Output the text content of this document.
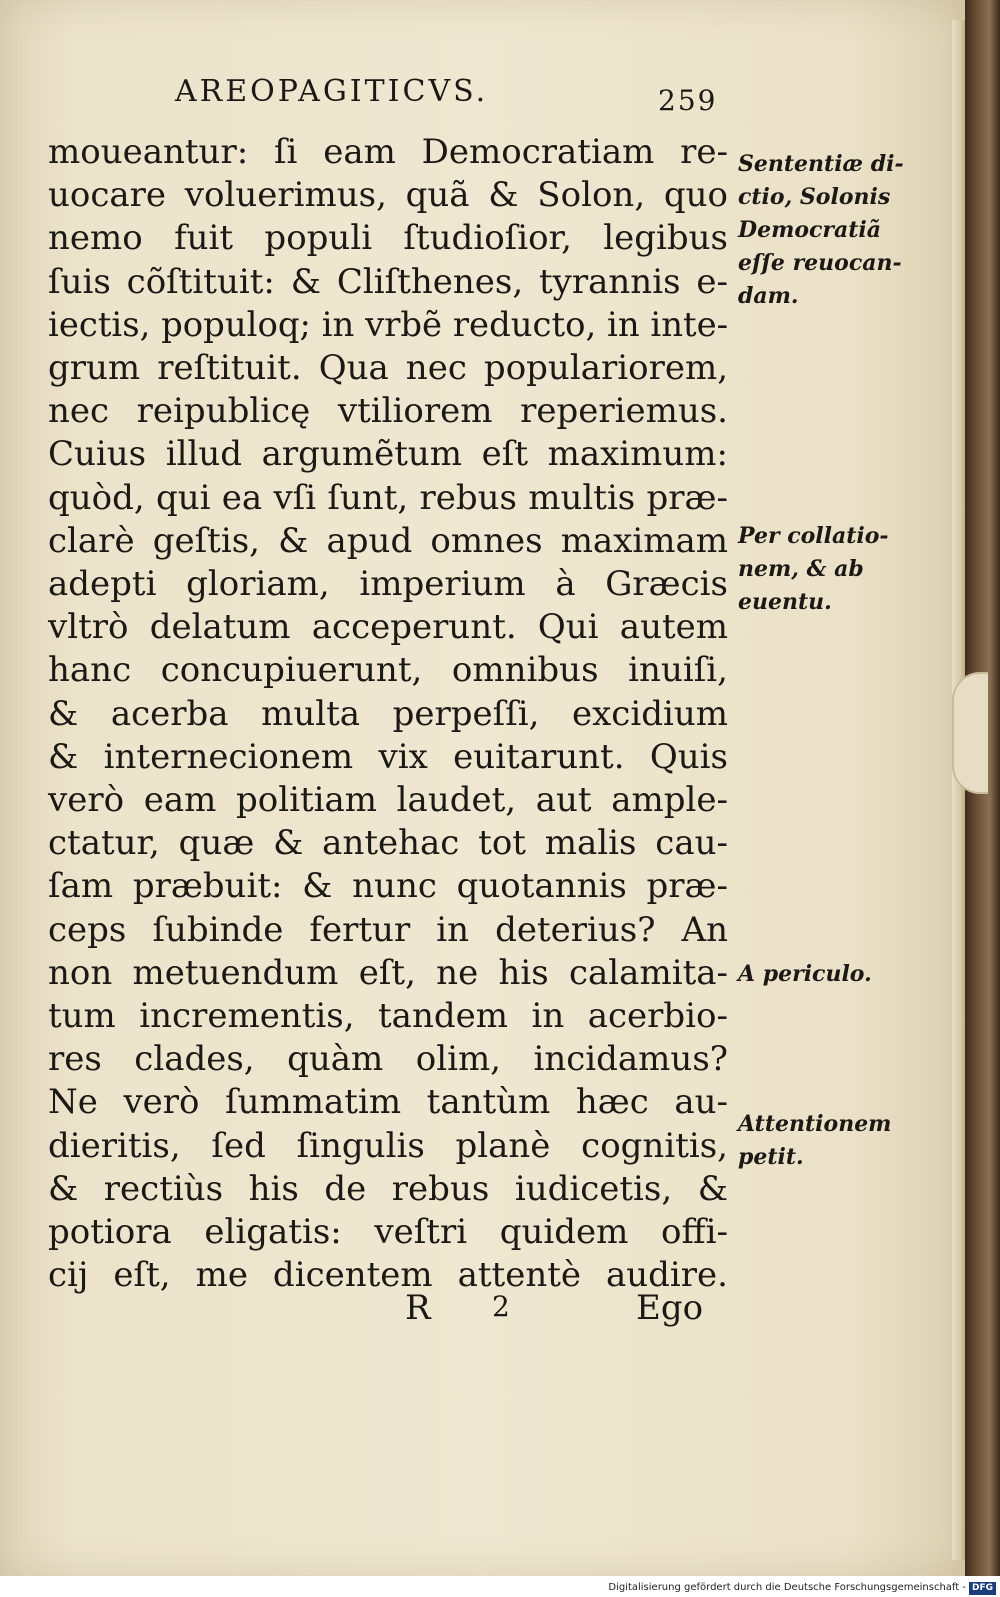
AREOPAGITICVS.	259
moueantur: ſi eam Democratiam re-
uocare voluerimus, quã & Solon, quo
nemo fuit populi ſtudioſior, legibus
ſuis cõſtituit: & Cliſthenes, tyrannis e-
iectis, populoq; in vrbẽ reducto, in inte-
grum reſtituit. Qua nec populariorem,
nec reipublicę vtiliorem reperiemus.
Cuius illud argumẽtum eſt maximum:
quòd, qui ea vſi ſunt, rebus multis præ-
clarè geſtis, & apud omnes maximam
adepti gloriam, imperium à Græcis
vltrò delatum acceperunt. Qui autem
hanc concupiuerunt, omnibus inuiſi,
& acerba multa perpeſſi, excidium
& internecionem vix euitarunt. Quis
verò eam politiam laudet, aut ample-
ctatur, quæ & antehac tot malis cau-
ſam præbuit: & nunc quotannis præ-
ceps ſubinde fertur in deterius? An
non metuendum eſt, ne his calamita-
tum incrementis, tandem in acerbio-
res clades, quàm olim, incidamus?
Ne verò ſummatim tantùm hæc au-
dieritis, ſed ſingulis planè cognitis,
& rectiùs his de rebus iudicetis, &
potiora eligatis: veſtri quidem offi-
cij eſt, me dicentem attentè audire.
Sententiæ di-
ctio, Solonis
Democratiã
eſſe reuocan-
dam.
Per collatio-
nem, & ab
euentu.
A periculo.
Attentionem
petit.
R 2	Ego
Digitalisierung gefördert durch die Deutsche Forschungsgemeinschaft - DFG
